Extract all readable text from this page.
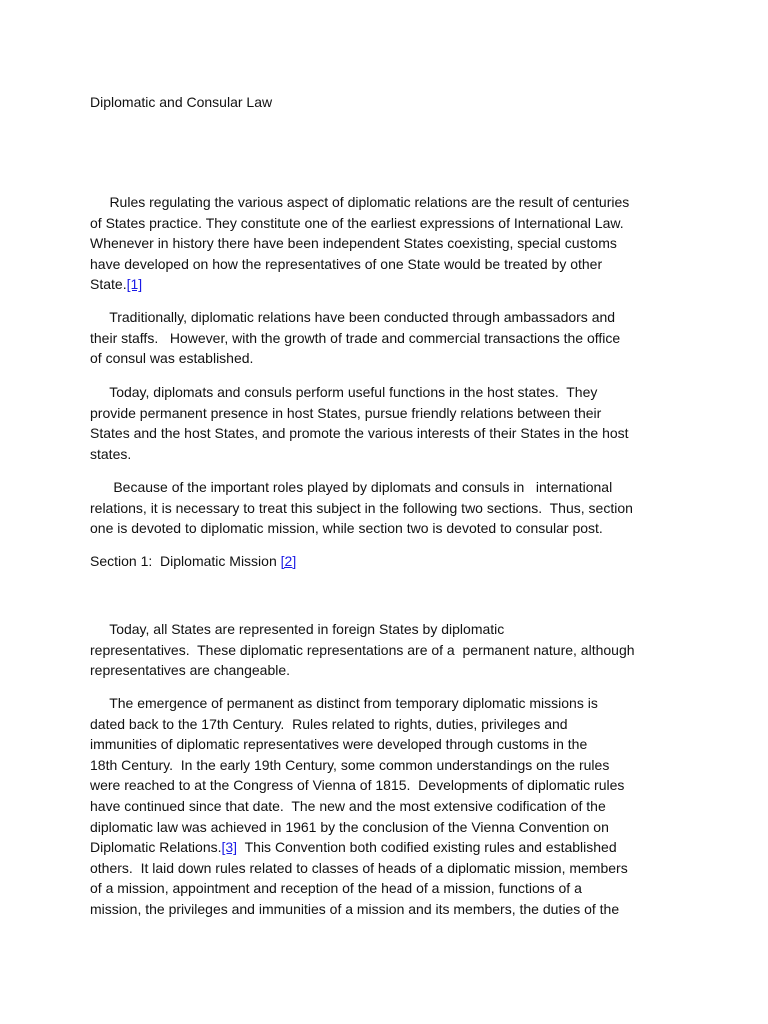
Diplomatic and Consular Law
Rules regulating the various aspect of diplomatic relations are the result of centuries
of States practice. They constitute one of the earliest expressions of International Law.
Whenever in history there have been independent States coexisting, special customs
have developed on how the representatives of one State would be treated by other
State.[1]
Traditionally, diplomatic relations have been conducted through ambassadors and
their staffs.   However, with the growth of trade and commercial transactions the office
of consul was established.
Today, diplomats and consuls perform useful functions in the host states.  They
provide permanent presence in host States, pursue friendly relations between their
States and the host States, and promote the various interests of their States in the host
states.
Because of the important roles played by diplomats and consuls in   international
relations, it is necessary to treat this subject in the following two sections.  Thus, section
one is devoted to diplomatic mission, while section two is devoted to consular post.
Section 1:  Diplomatic Mission [2]
Today, all States are represented in foreign States by diplomatic
representatives.  These diplomatic representations are of a  permanent nature, although
representatives are changeable.
The emergence of permanent as distinct from temporary diplomatic missions is
dated back to the 17th Century.  Rules related to rights, duties, privileges and
immunities of diplomatic representatives were developed through customs in the
18th Century.  In the early 19th Century, some common understandings on the rules
were reached to at the Congress of Vienna of 1815.  Developments of diplomatic rules
have continued since that date.  The new and the most extensive codification of the
diplomatic law was achieved in 1961 by the conclusion of the Vienna Convention on
Diplomatic Relations.[3]  This Convention both codified existing rules and established
others.  It laid down rules related to classes of heads of a diplomatic mission, members
of a mission, appointment and reception of the head of a mission, functions of a
mission, the privileges and immunities of a mission and its members, the duties of the
